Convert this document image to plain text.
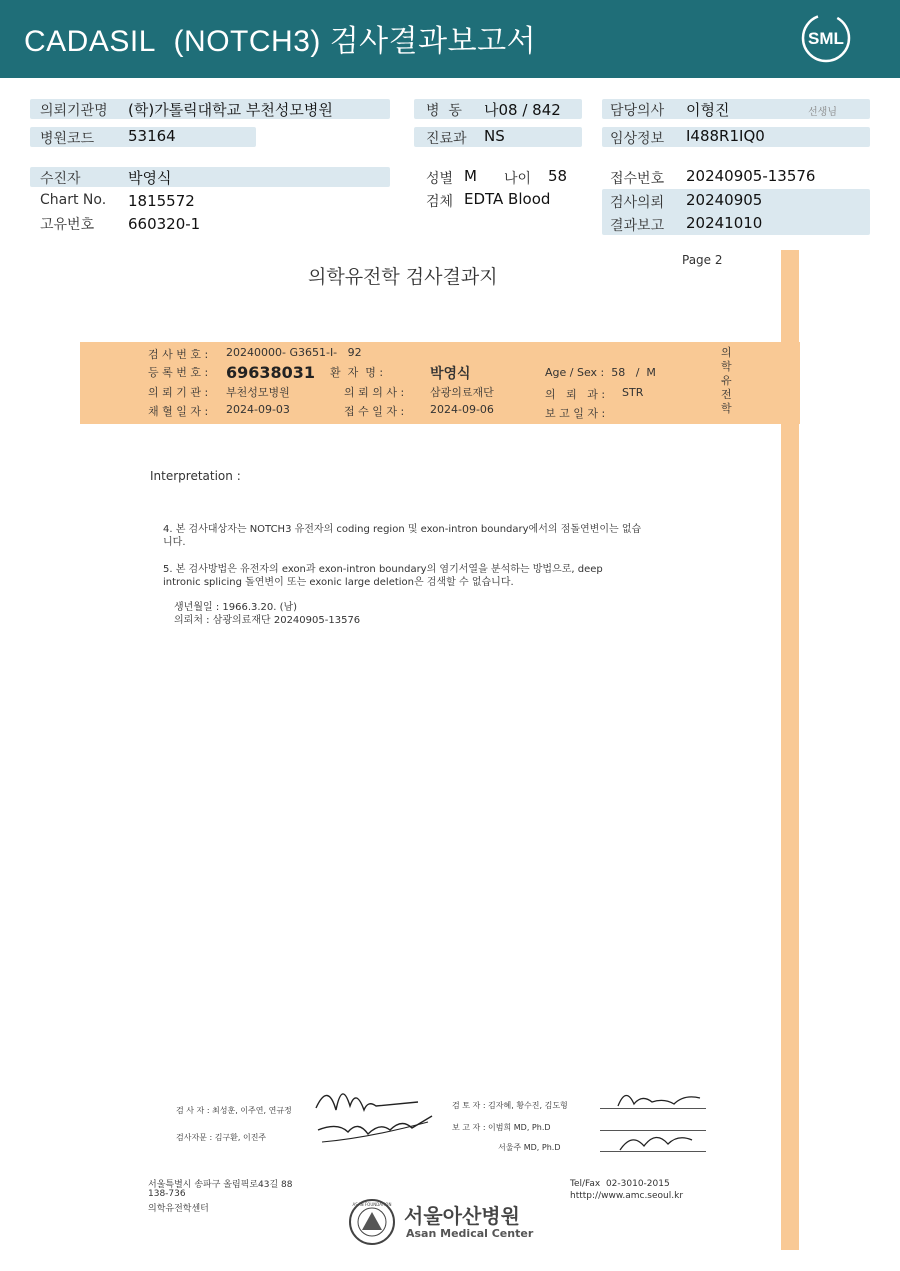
CADASIL  (NOTCH3) 검사결과보고서	SML
의뢰기관명 (학)가톨릭대학교 부천성모병원
병원코드 53164
병  동 나08 / 842
진료과 NS
담당의사 이형진	선생님
임상정보 I488R1IQ0
수진자	박영식
Chart No. 1815572
고유번호 660320-1
성별 M 나이 58
검체 EDTA Blood
접수번호 20240905-13576
검사의뢰 20240905
결과보고 20241010
의학유전학 검사결과지
Page 2
검 사 번 호 : 20240000- G3651-I-   92
등 록 번 호 : 69638031 환  자  명 :	박영식	Age / Sex :  58   /  M
의 뢰 기 관 : 부천성모병원	의 뢰 의 사 : 삼광의료재단	의   뢰   과 : STR
채 혈 일 자 : 2024-09-03	접 수 일 자 : 2024-09-06	보 고 일 자 :
의학유전학
Interpretation :
4. 본 검사대상자는 NOTCH3 유전자의 coding region 및 exon-intron boundary에서의 점돌연변이는 없습
니다.
5. 본 검사방법은 유전자의 exon과 exon-intron boundary의 염기서열을 분석하는 방법으로, deep
intronic splicing 돌연변이 또는 exonic large deletion은 검색할 수 없습니다.
생년월일 : 1966.3.20. (남)
의뢰처 : 삼광의료재단 20240905-13576
검 사 자 : 최성훈, 이주연, 연규정
검사자문 : 김구환, 이진주
검 토 자 : 김자혜, 황수진, 김도형
보 고 자 : 이범희 MD, Ph.D
서울주 MD, Ph.D
서울특별시 송파구 올림픽로43길 88
138-736
의학유전학센터
Tel/Fax  02-3010-2015
htttp://www.amc.seoul.kr
ASAN FOUNDATION 서울아산병원
Asan Medical Center
